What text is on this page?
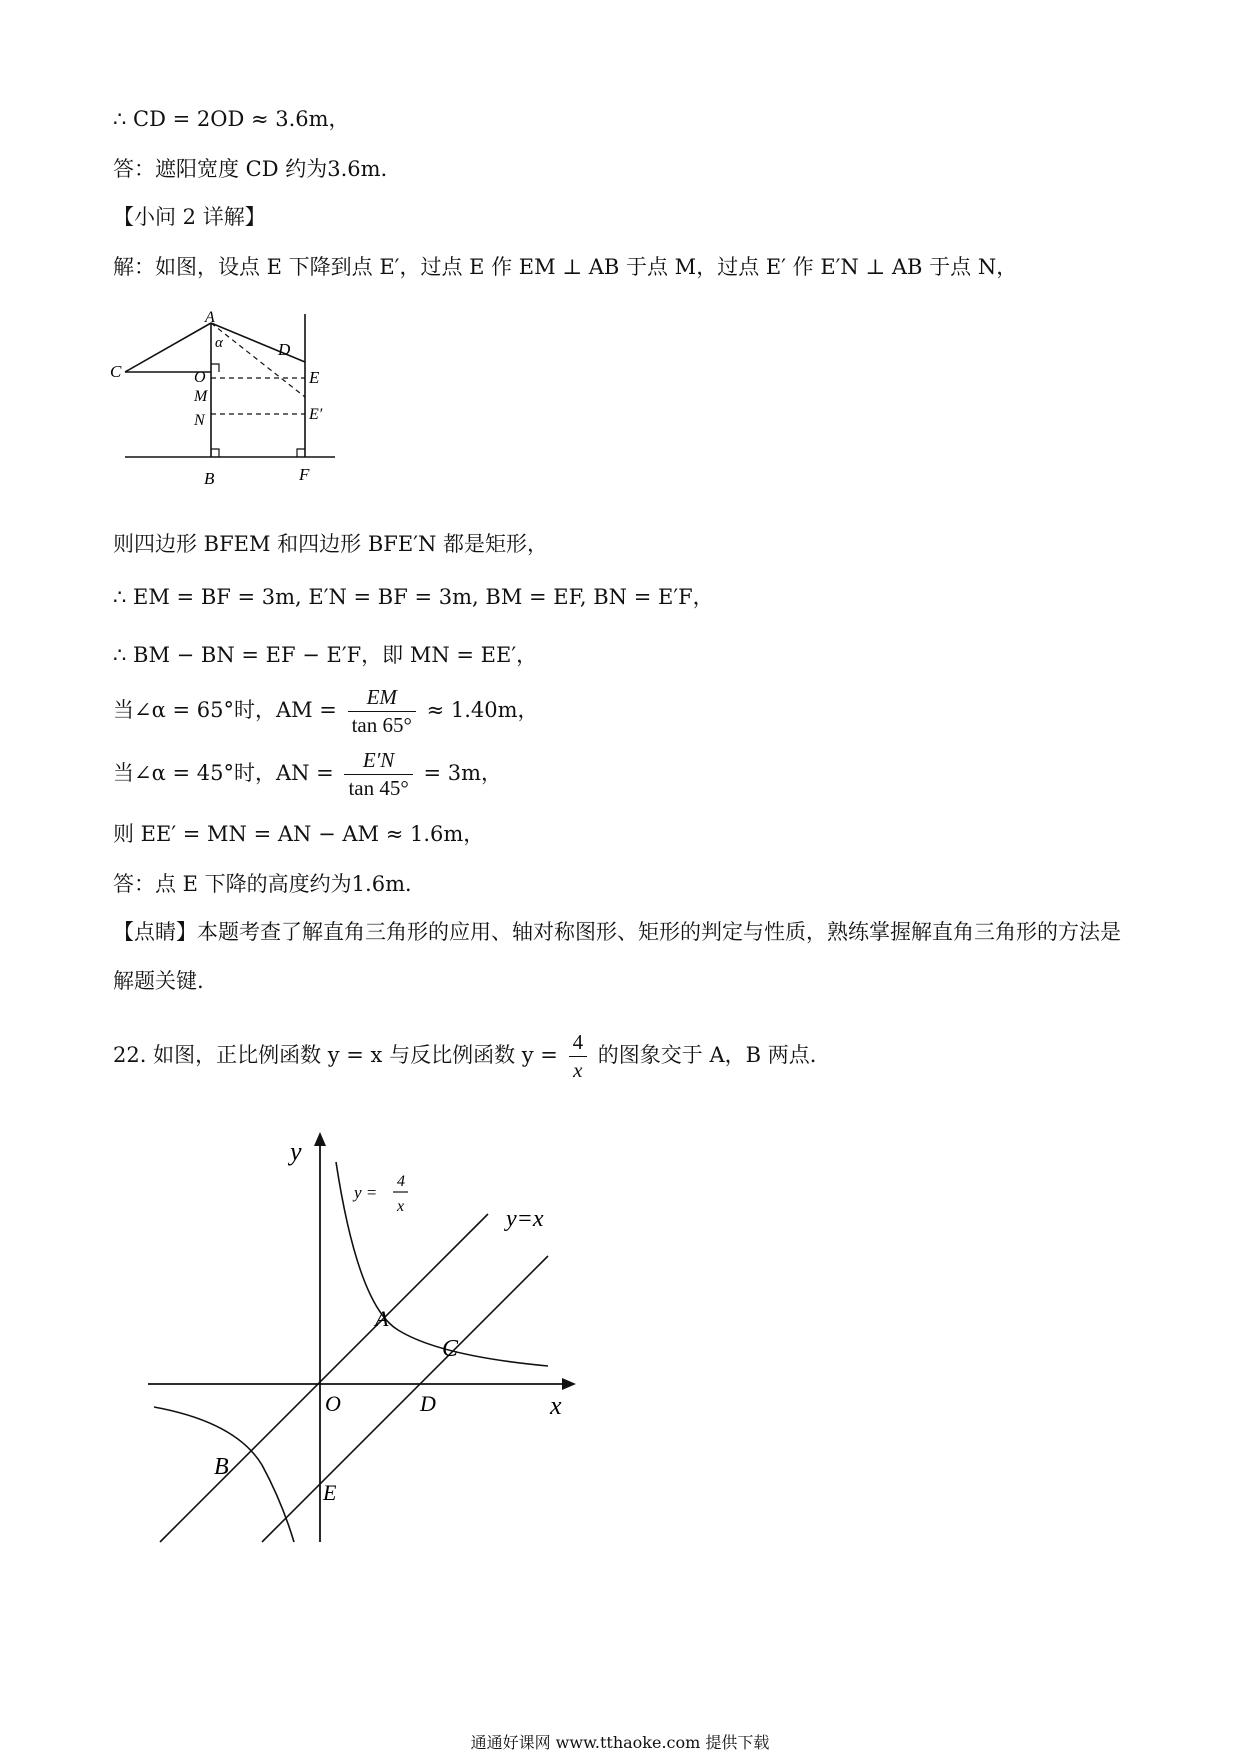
∴ CD = 2OD ≈ 3.6m，
答：遮阳宽度 CD 约为3.6m．
【小问 2 详解】
解：如图，设点 E 下降到点 E′，过点 E 作 EM ⊥ AB 于点 M，过点 E′ 作 E′N ⊥ AB 于点 N，
A
α
C
D
E
O
M
N	E′
B	F
则四边形 BFEM 和四边形 BFE′N 都是矩形，
∴ EM = BF = 3m, E′N = BF = 3m, BM = EF, BN = E′F，
∴ BM − BN = EF − E′F，即 MN = EE′，
当∠α = 65°时，AM = $\frac{EM}{\tan 65^\circ} \approx 1.40m$，
当∠α = 45°时，AN = $\frac{E'N}{\tan 45^\circ} = 3m$，
则 EE′ = MN = AN − AM ≈ 1.6m，
答：点 E 下降的高度约为1.6m．
【点睛】本题考查了解直角三角形的应用、轴对称图形、矩形的判定与性质，熟练掌握解直角三角形的方法是解题关键.
22. 如图，正比例函数 y = x 与反比例函数 $y = \frac{4}{x}$ 的图象交于 A，B 两点.
y
x
y =
4
x	y=x
A
C
O	D
B
E
通通好课网 www.tthaoke.com 提供下载
